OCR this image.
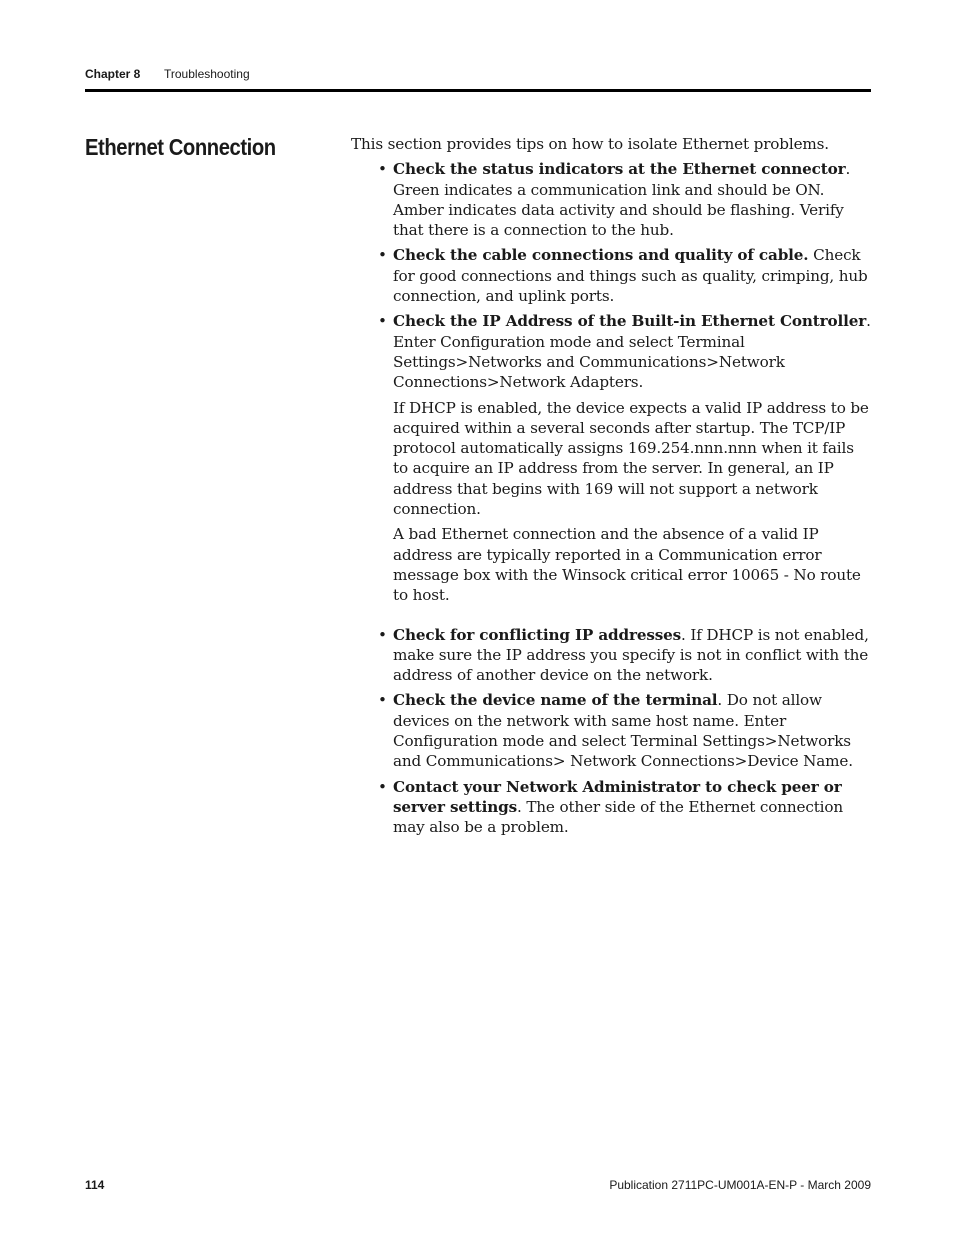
Chapter 8 Troubleshooting
Ethernet Connection	This section provides tips on how to isolate Ethernet problems.

• Check the status indicators at the Ethernet connector. Green indicates a communication link and should be ON. Amber indicates data activity and should be flashing. Verify that there is a connection to the hub.

• Check the cable connections and quality of cable. Check for good connections and things such as quality, crimping, hub connection, and uplink ports.

• Check the IP Address of the Built-in Ethernet Controller. Enter Configuration mode and select Terminal Settings>Networks and Communications>Network Connections>Network Adapters.

If DHCP is enabled, the device expects a valid IP address to be acquired within a several seconds after startup. The TCP/IP protocol automatically assigns 169.254.nnn.nnn when it fails to acquire an IP address from the server. In general, an IP address that begins with 169 will not support a network connection.

A bad Ethernet connection and the absence of a valid IP address are typically reported in a Communication error message box with the Winsock critical error 10065 - No route to host.

• Check for conflicting IP addresses. If DHCP is not enabled, make sure the IP address you specify is not in conflict with the address of another device on the network.

• Check the device name of the terminal. Do not allow devices on the network with same host name. Enter Configuration mode and select Terminal Settings>Networks and Communications> Network Connections>Device Name.

• Contact your Network Administrator to check peer or server settings. The other side of the Ethernet connection may also be a problem.

114	Publication 2711PC-UM001A-EN-P - March 2009
